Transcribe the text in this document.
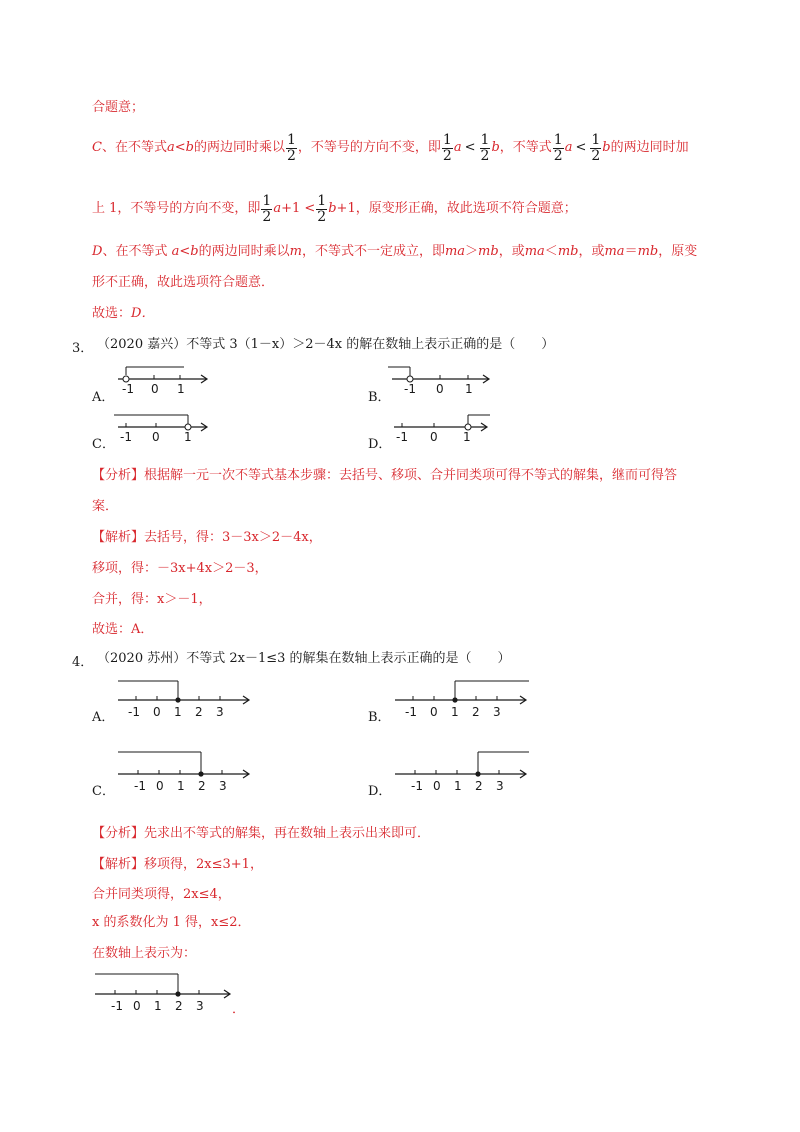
合题意；
C 、在不等式 a < b 的两边同时乘以 $\frac{1}{2}$ ，不等号的方向不变，即 $\frac{1}{2}$ $a < \frac{1}{2}$ b ，不等式 $\frac{1}{2}$ $a < \frac{1}{2}$ b 的两边同时加
上 1，不等号的方向不变，即 $\frac{1}{2}$ $a +1 < \frac{1}{2}$ b +1，原变形正确，故此选项不符合题意；
D、在不等式 a<b的两边同时乘以m，不等式不一定成立，即ma＞mb，或ma＜mb，或ma＝mb，原变
形不正确，故此选项符合题意．
故选：D．
3． （2020 嘉兴）不等式 3（1－x）＞2－4x 的解在数轴上表示正确的是（　　）
A．
-1 0 1
B．
-1 0 1
C． -1 0 1	D． -1 0 1
【分析】根据解一元一次不等式基本步骤：去括号、移项、合并同类项可得不等式的解集，继而可得答
案．
【解析】去括号，得：3－3x＞2－4x，
移项，得：－3x+4x＞2－3，
合并，得：x＞－1，
故选：A．
4． （2020 苏州）不等式 2x－1≤3 的解集在数轴上表示正确的是（　　）
A． -1 0 1 2 3	B． -1 0 1 2 3
C． -1 0 1 2 3	D． -1 0 1 2 3
【分析】先求出不等式的解集，再在数轴上表示出来即可．
【解析】移项得，2x≤3+1，
合并同类项得，2x≤4，
x 的系数化为 1 得，x≤2．
在数轴上表示为：
-1 0 1 2 3 ．
